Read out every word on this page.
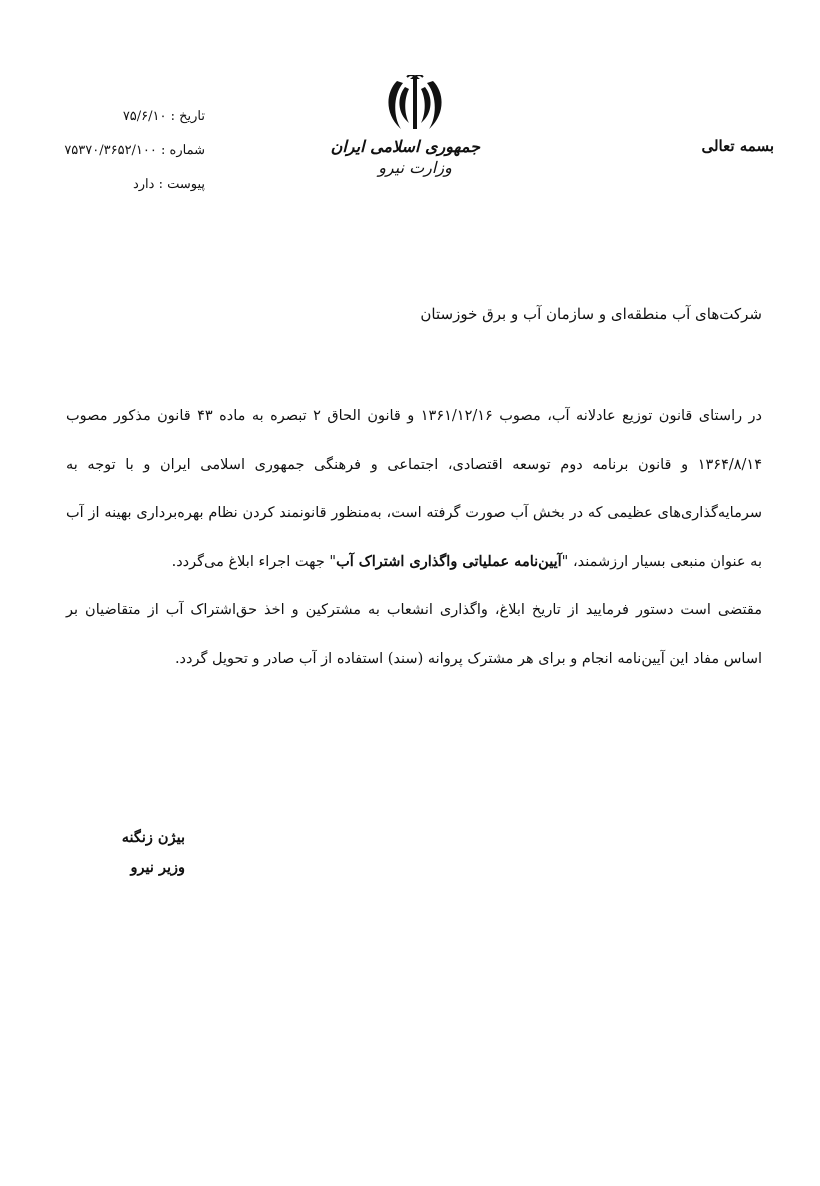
بسمه تعالی
جمهوری اسلامی ایران
وزارت نیرو
تاریخ : ۷۵/۶/۱۰
شماره : ۷۵۳۷۰/۳۶۵۲/۱۰۰
پیوست : دارد
شرکت‌های آب منطقه‌ای و سازمان آب و برق خوزستان

در راستای قانون توزیع عادلانه آب، مصوب ۱۳۶۱/۱۲/۱۶ و قانون الحاق ۲ تبصره به ماده ۴۳ قانون مذکور مصوب ۱۳۶۴/۸/۱۴ و قانون برنامه دوم توسعه اقتصادی، اجتماعی و فرهنگی جمهوری اسلامی ایران و با توجه به سرمایه‌گذاری‌های عظیمی که در بخش آب صورت گرفته است، به‌منظور قانونمند کردن نظام بهره‌برداری بهینه از آب به عنوان منبعی بسیار ارزشمند، "آیین‌نامه عملیاتی واگذاری اشتراک آب" جهت اجراء ابلاغ می‌گردد.

مقتضی است دستور فرمایید از تاریخ ابلاغ، واگذاری انشعاب به مشترکین و اخذ حق‌اشتراک آب از متقاضیان بر اساس مفاد این آیین‌نامه انجام و برای هر مشترک پروانه (سند) استفاده از آب صادر و تحویل گردد.

بیژن زنگنه
وزیر نیرو
